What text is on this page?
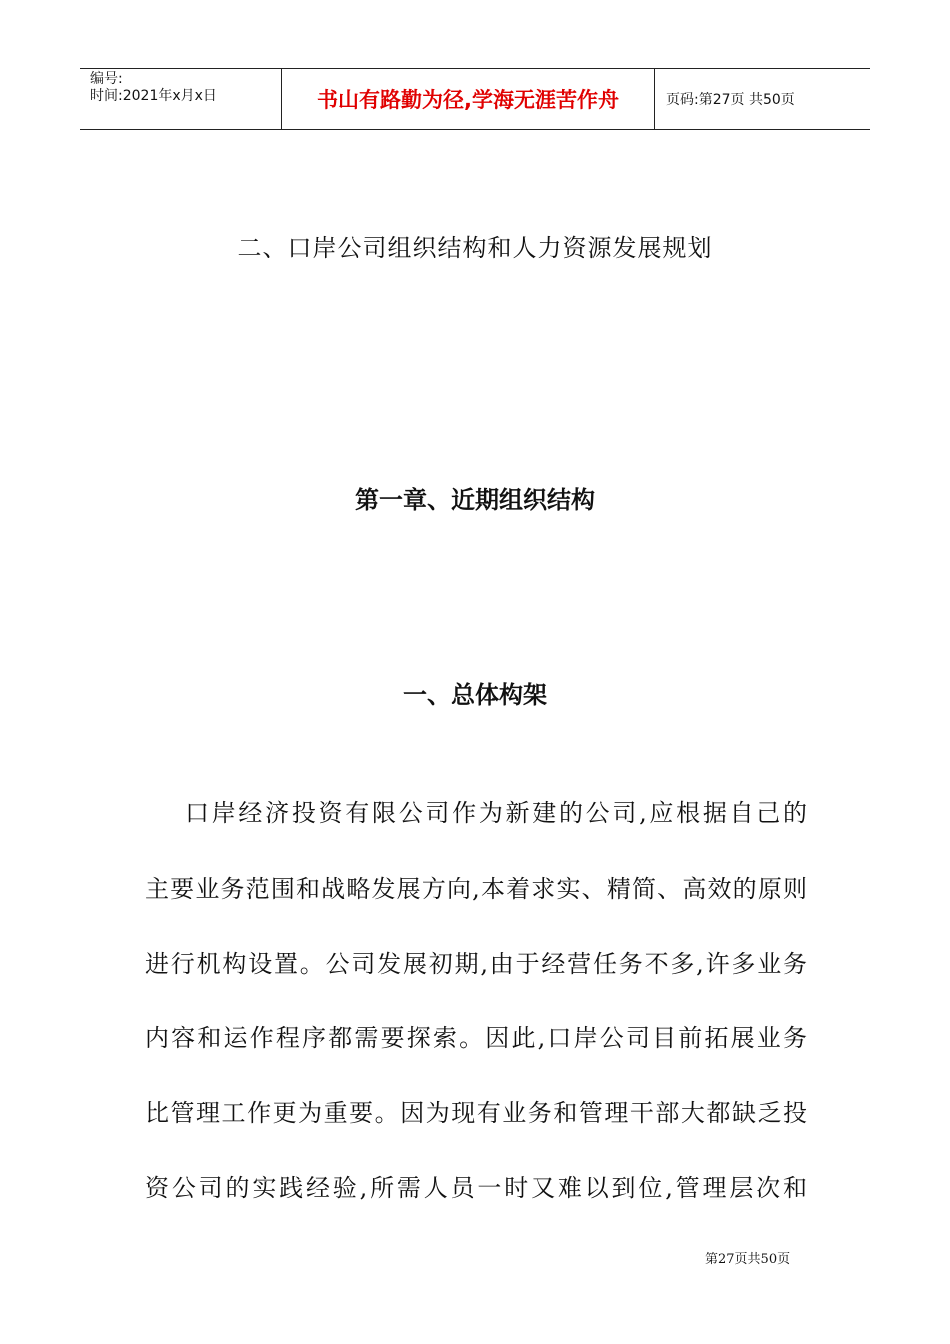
编号:
时间:2021年x月x日	书山有路勤为径,学海无涯苦作舟	页码:第27页 共50页
二、口岸公司组织结构和人力资源发展规划
第一章、近期组织结构
一、总体构架
口岸经济投资有限公司作为新建的公司,应根据自己的
主要业务范围和战略发展方向,本着求实、精简、高效的原则
进行机构设置。公司发展初期,由于经营任务不多,许多业务
内容和运作程序都需要探索。因此,口岸公司目前拓展业务
比管理工作更为重要。因为现有业务和管理干部大都缺乏投
资公司的实践经验,所需人员一时又难以到位,管理层次和
第27页共50页
